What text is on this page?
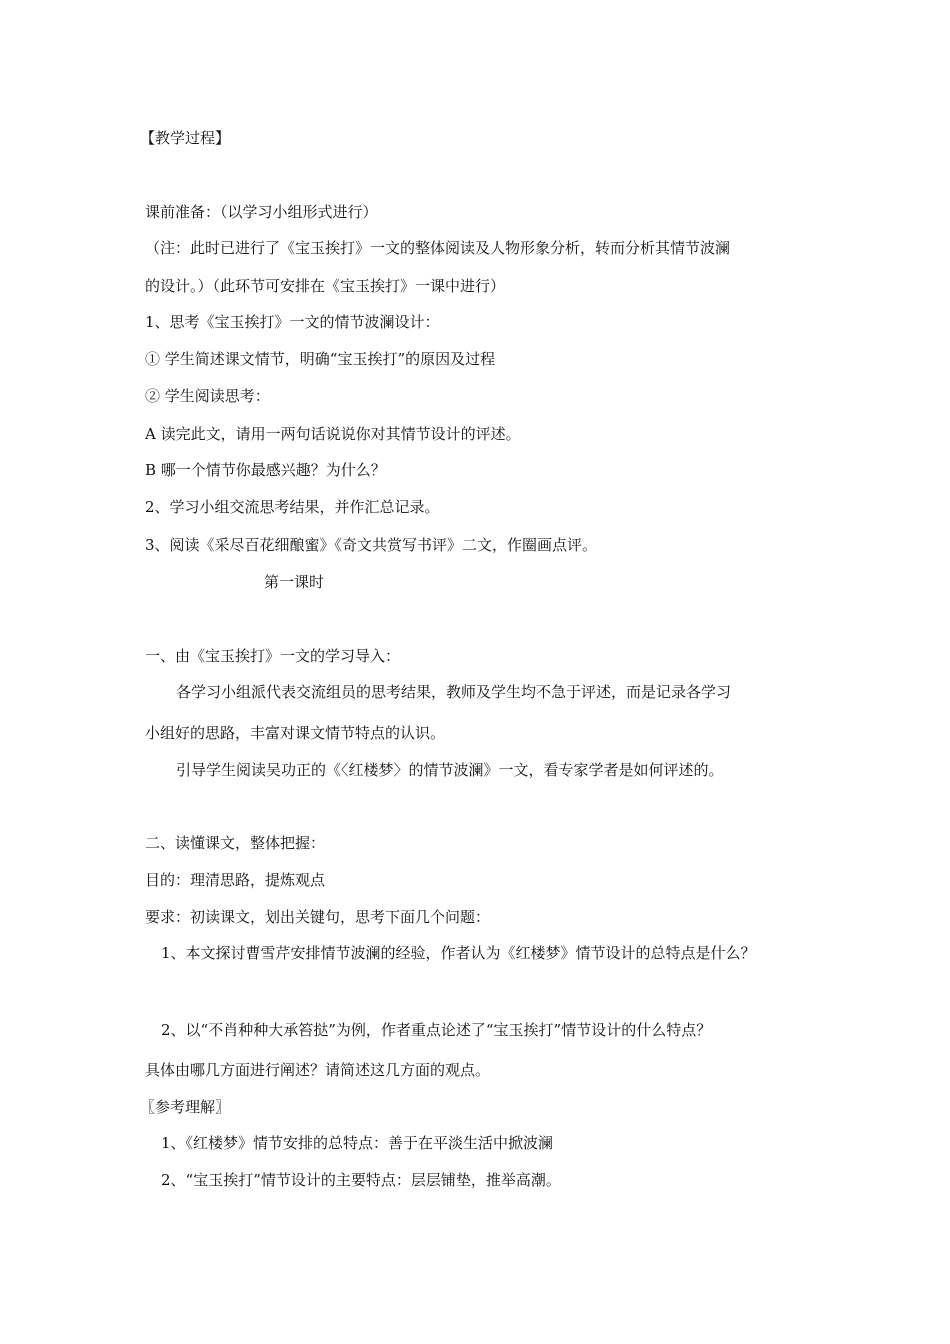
【教学过程】
课前准备：（以学习小组形式进行）
（注：此时已进行了《宝玉挨打》一文的整体阅读及人物形象分析，转而分析其情节波澜
的设计。）（此环节可安排在《宝玉挨打》一课中进行）
1、思考《宝玉挨打》一文的情节波澜设计：
① 学生简述课文情节，明确“宝玉挨打”的原因及过程
② 学生阅读思考：
A 读完此文，请用一两句话说说你对其情节设计的评述。
B 哪一个情节你最感兴趣？为什么？
2、学习小组交流思考结果，并作汇总记录。
3、阅读《采尽百花细酿蜜》《奇文共赏写书评》二文，作圈画点评。
第一课时
一、由《宝玉挨打》一文的学习导入：
各学习小组派代表交流组员的思考结果，教师及学生均不急于评述，而是记录各学习
小组好的思路，丰富对课文情节特点的认识。
引导学生阅读吴功正的《〈红楼梦〉的情节波澜》一文，看专家学者是如何评述的。
二、读懂课文，整体把握：
目的：理清思路，提炼观点
要求：初读课文，划出关键句，思考下面几个问题：
1、本文探讨曹雪芹安排情节波澜的经验，作者认为《红楼梦》情节设计的总特点是什么？
2、以“不肖种种大承笞挞”为例，作者重点论述了“宝玉挨打”情节设计的什么特点？
具体由哪几方面进行阐述？请简述这几方面的观点。
〖参考理解〗
1、《红楼梦》情节安排的总特点：善于在平淡生活中掀波澜
2、“宝玉挨打”情节设计的主要特点：层层铺垫，推举高潮。
